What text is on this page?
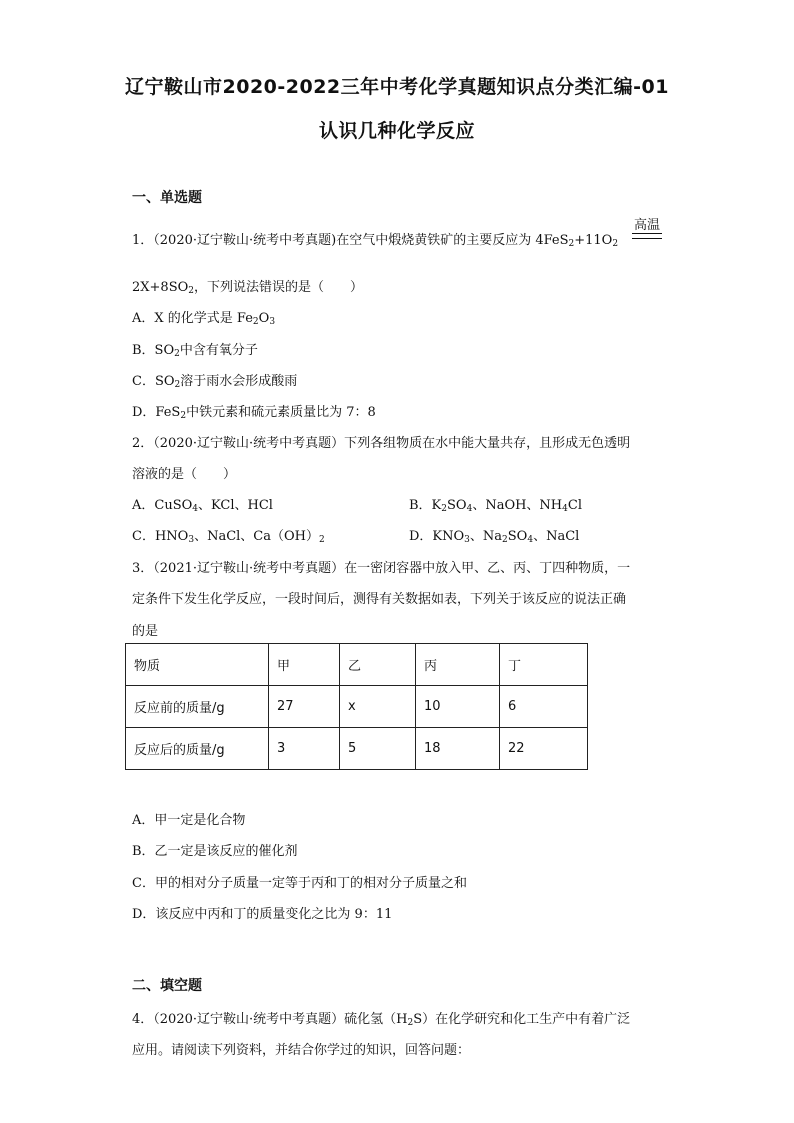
辽宁鞍山市2020-2022三年中考化学真题知识点分类汇编-01
认识几种化学反应
一、单选题
1．（2020·辽宁鞍山·统考中考真题)在空气中煅烧黄铁矿的主要反应为 $4FeS_2+11O_2$
高温
$2X+8SO_2$，下列说法错误的是（　　）
A．X 的化学式是 $Fe_2O_3$
B．$SO_2$中含有氧分子
C．$SO_2$溶于雨水会形成酸雨
D．FeS$_2$中铁元素和硫元素质量比为 7：8
2．（2020·辽宁鞍山·统考中考真题）下列各组物质在水中能大量共存，且形成无色透明
溶液的是（　　）
A．CuSO$_4$、KCl、HCl	B．$K_2SO_4$、NaOH、$NH_4Cl$
C．$HNO_3$、NaCl、$Ca(OH)_2$	D．$KNO_3$、$Na_2SO_4$、NaCl
3．（2021·辽宁鞍山·统考中考真题）在一密闭容器中放入甲、乙、丙、丁四种物质，一
定条件下发生化学反应，一段时间后，测得有关数据如表，下列关于该反应的说法正确
的是
物质	甲	乙	丙	丁
反应前的质量/g	27	x	10	6
反应后的质量/g	3	5	18	22
A．甲一定是化合物
B．乙一定是该反应的催化剂
C．甲的相对分子质量一定等于丙和丁的相对分子质量之和
D．该反应中丙和丁的质量变化之比为 9：11
二、填空题
4．（2020·辽宁鞍山·统考中考真题）硫化氢$(H_2S)$在化学研究和化工生产中有着广泛
应用。请阅读下列资料，并结合你学过的知识，回答问题：
